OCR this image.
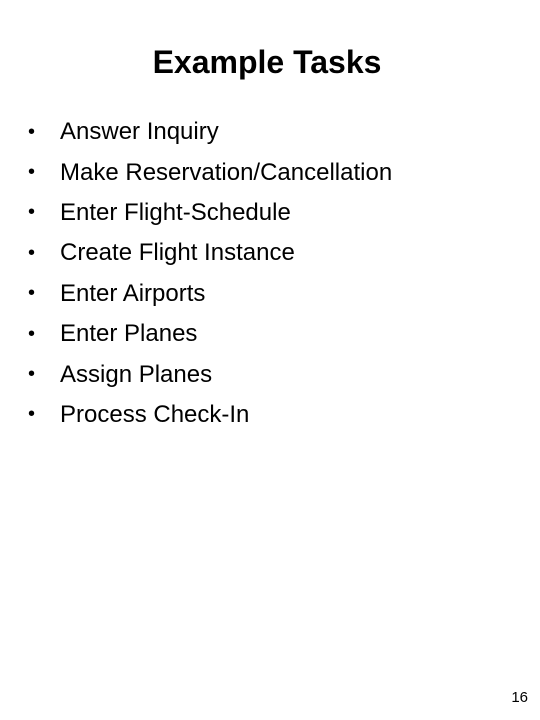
Example Tasks
•	Answer Inquiry
•	Make Reservation/Cancellation
•	Enter Flight-Schedule
•	Create Flight Instance
•	Enter Airports
•	Enter Planes
•	Assign Planes
•	Process Check-In
16
